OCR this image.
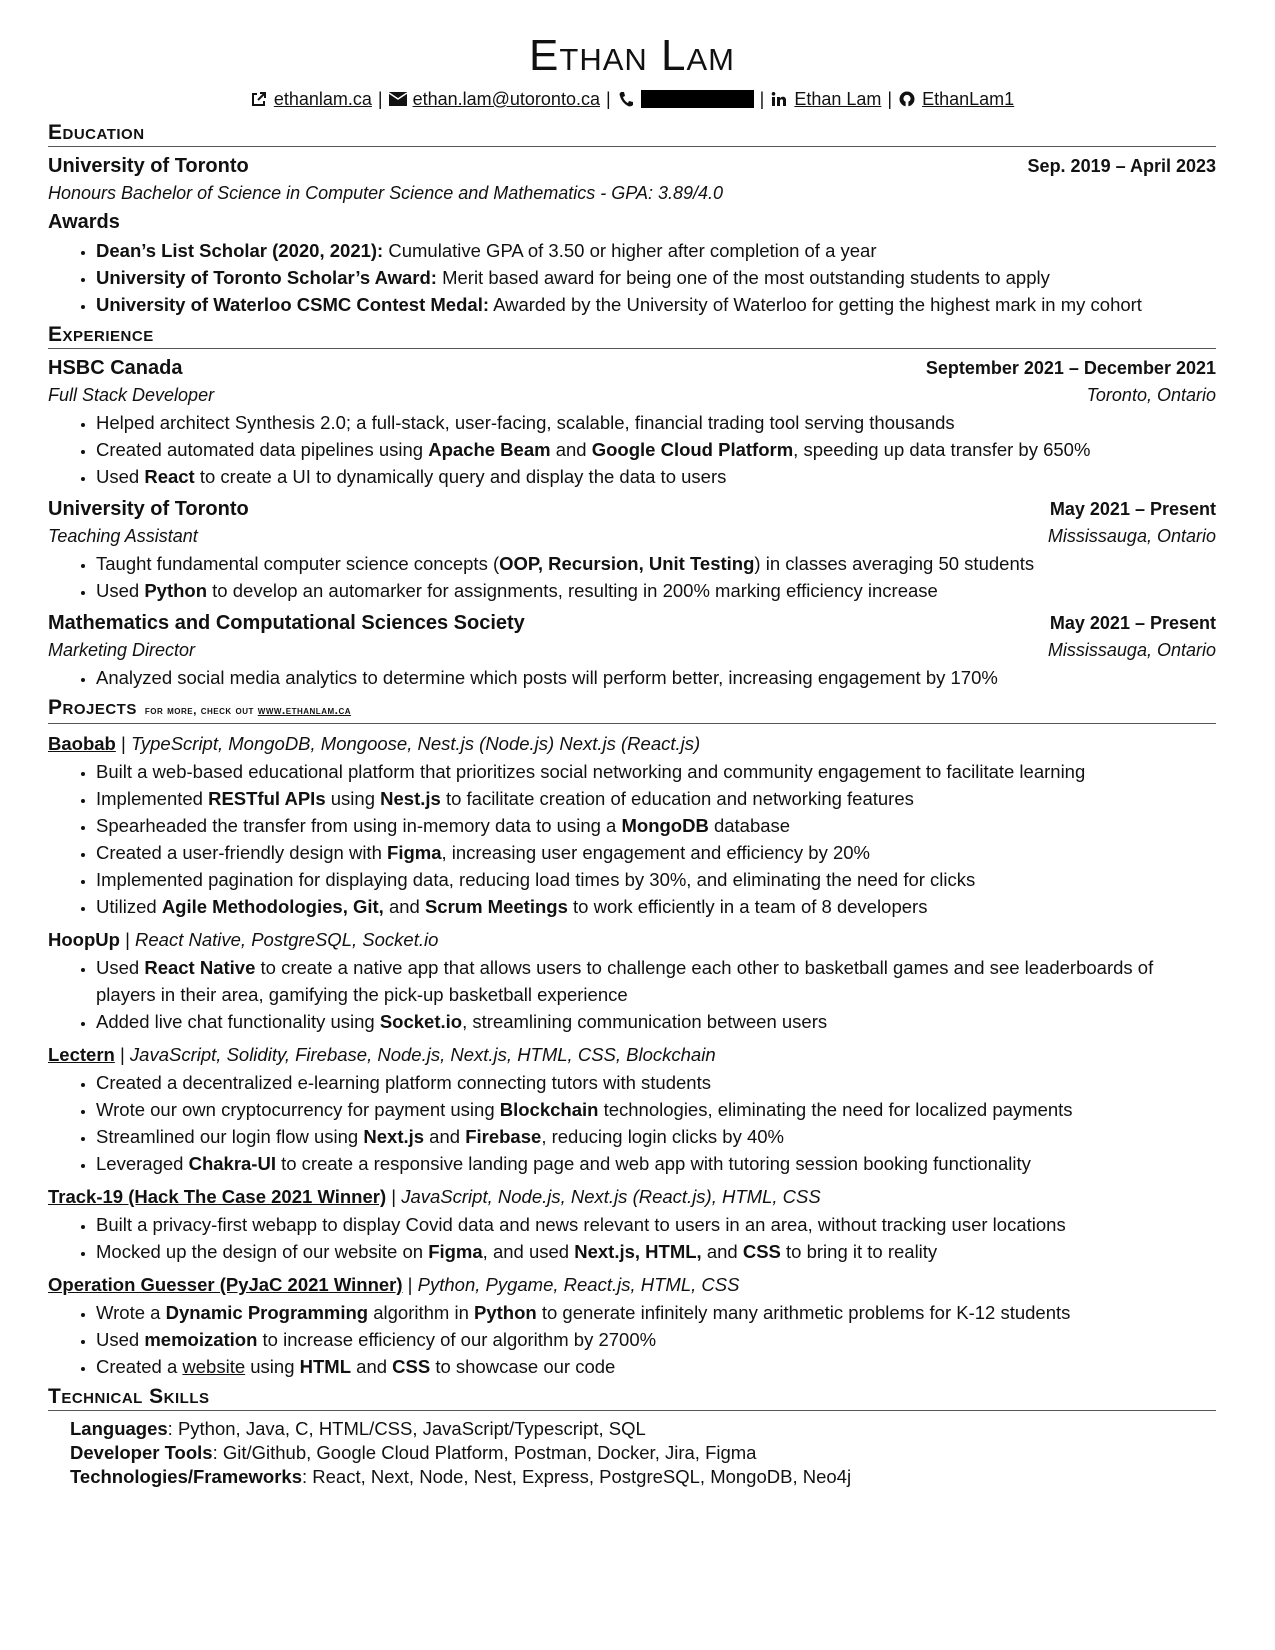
Ethan Lam
ethanlam.ca | ethan.lam@utoronto.ca |	| Ethan Lam | EthanLam1
Education
University of Toronto	Sep. 2019 – April 2023
Honours Bachelor of Science in Computer Science and Mathematics - GPA: 3.89/4.0
Awards
• Dean’s List Scholar (2020, 2021): Cumulative GPA of 3.50 or higher after completion of a year
• University of Toronto Scholar’s Award: Merit based award for being one of the most outstanding students to apply
• University of Waterloo CSMC Contest Medal: Awarded by the University of Waterloo for getting the highest mark in my cohort
Experience
HSBC Canada	September 2021 – December 2021
Full Stack Developer	Toronto, Ontario
• Helped architect Synthesis 2.0; a full-stack, user-facing, scalable, financial trading tool serving thousands
• Created automated data pipelines using Apache Beam and Google Cloud Platform, speeding up data transfer by 650%
• Used React to create a UI to dynamically query and display the data to users
University of Toronto	May 2021 – Present
Teaching Assistant	Mississauga, Ontario
• Taught fundamental computer science concepts (OOP, Recursion, Unit Testing) in classes averaging 50 students
• Used Python to develop an automarker for assignments, resulting in 200% marking efficiency increase
Mathematics and Computational Sciences Society	May 2021 – Present
Marketing Director	Mississauga, Ontario
• Analyzed social media analytics to determine which posts will perform better, increasing engagement by 170%
Projects for more, check out www.ethanlam.ca
Baobab | TypeScript, MongoDB, Mongoose, Nest.js (Node.js) Next.js (React.js)
• Built a web-based educational platform that prioritizes social networking and community engagement to facilitate learning
• Implemented RESTful APIs using Nest.js to facilitate creation of education and networking features
• Spearheaded the transfer from using in-memory data to using a MongoDB database
• Created a user-friendly design with Figma, increasing user engagement and efficiency by 20%
• Implemented pagination for displaying data, reducing load times by 30%, and eliminating the need for clicks
• Utilized Agile Methodologies, Git, and Scrum Meetings to work efficiently in a team of 8 developers
HoopUp | React Native, PostgreSQL, Socket.io
• Used React Native to create a native app that allows users to challenge each other to basketball games and see leaderboards of players in their area, gamifying the pick-up basketball experience
• Added live chat functionality using Socket.io, streamlining communication between users
Lectern | JavaScript, Solidity, Firebase, Node.js, Next.js, HTML, CSS, Blockchain
• Created a decentralized e-learning platform connecting tutors with students
• Wrote our own cryptocurrency for payment using Blockchain technologies, eliminating the need for localized payments
• Streamlined our login flow using Next.js and Firebase, reducing login clicks by 40%
• Leveraged Chakra-UI to create a responsive landing page and web app with tutoring session booking functionality
Track-19 (Hack The Case 2021 Winner) | JavaScript, Node.js, Next.js (React.js), HTML, CSS
• Built a privacy-first webapp to display Covid data and news relevant to users in an area, without tracking user locations
• Mocked up the design of our website on Figma, and used Next.js, HTML, and CSS to bring it to reality
Operation Guesser (PyJaC 2021 Winner) | Python, Pygame, React.js, HTML, CSS
• Wrote a Dynamic Programming algorithm in Python to generate infinitely many arithmetic problems for K-12 students
• Used memoization to increase efficiency of our algorithm by 2700%
• Created a website using HTML and CSS to showcase our code
Technical Skills
Languages: Python, Java, C, HTML/CSS, JavaScript/Typescript, SQL
Developer Tools: Git/Github, Google Cloud Platform, Postman, Docker, Jira, Figma
Technologies/Frameworks: React, Next, Node, Nest, Express, PostgreSQL, MongoDB, Neo4j
